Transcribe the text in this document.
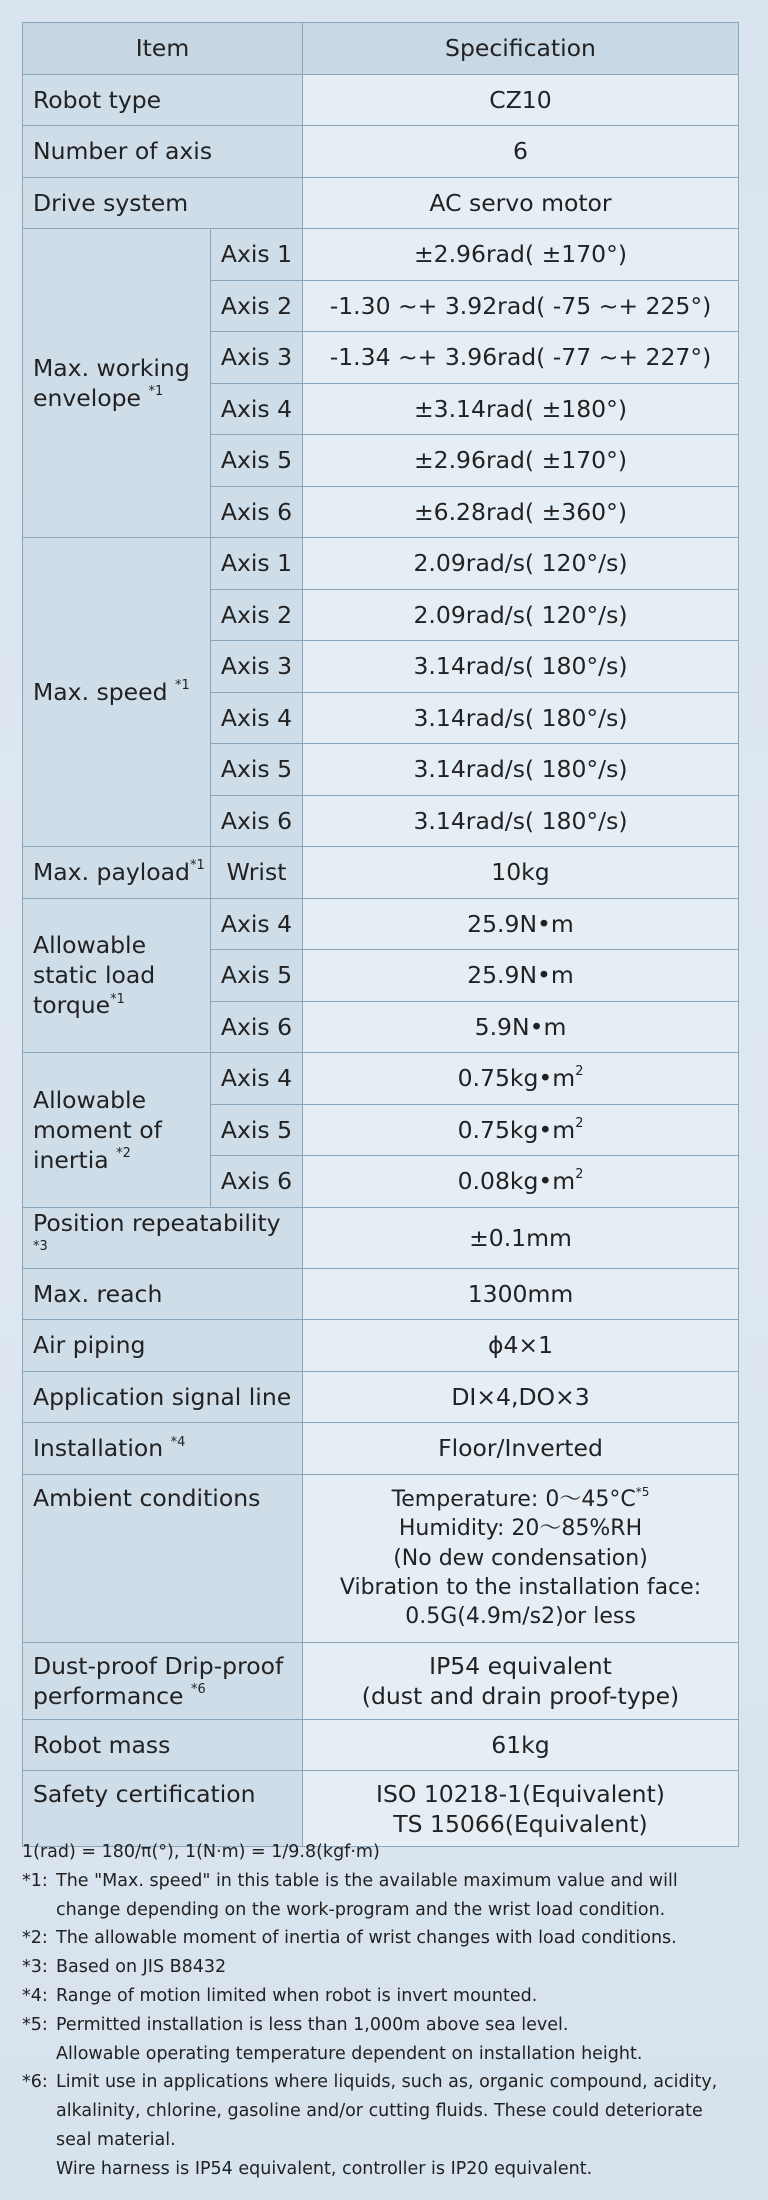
Item		Specification
Robot type		CZ10
Number of axis		6
Drive system		AC servo motor
Max. working envelope $^{*1}$	Axis 1	±2.96rad( ±170°)
	Axis 2	-1.30 ~+ 3.92rad( -75 ~+ 225°)
	Axis 3	-1.34 ~+ 3.96rad( -77 ~+ 227°)
	Axis 4	±3.14rad( ±180°)
	Axis 5	±2.96rad( ±170°)
	Axis 6	±6.28rad( ±360°)
Max. speed $^{*1}$	Axis 1	2.09rad/s( 120°/s)
	Axis 2	2.09rad/s( 120°/s)
	Axis 3	3.14rad/s( 180°/s)
	Axis 4	3.14rad/s( 180°/s)
	Axis 5	3.14rad/s( 180°/s)
	Axis 6	3.14rad/s( 180°/s)
Max. payload$^{*1}$	Wrist	10kg
Allowable static load torque$^{*1}$	Axis 4	25.9N•m
	Axis 5	25.9N•m
	Axis 6	5.9N•m
Allowable moment of inertia $^{*2}$	Axis 4	$0.75kg•m^2$
	Axis 5	$0.75kg•m^2$
	Axis 6	$0.08kg•m^2$
Position repeatability $^{*3}$		±0.1mm
Max. reach		1300mm
Air piping		ϕ4×1
Application signal line		DI×4,DO×3
Installation $^{*4}$		Floor/Inverted
Ambient conditions		Temperature: 0〜$45^\circ C^{*5}$
Humidity: 20〜85%RH
(No dew condensation)
Vibration to the installation face:
0.5G(4.9m/s2)or less

Dust-proof Drip-proof
performance $^{*6}$		IP54 equivalent
(dust and drain proof-type)

Robot mass		61kg
Safety certification		ISO 10218-1(Equivalent)
TS 15066(Equivalent)
1(rad) = 180/π(°), 1(N·m) = 1/9.8(kgf·m)
*1: The "Max. speed" in this table is the available maximum value and will
change depending on the work-program and the wrist load condition.
*2: The allowable moment of inertia of wrist changes with load conditions.
*3: Based on JIS B8432
*4: Range of motion limited when robot is invert mounted.
*5: Permitted installation is less than 1,000m above sea level.
Allowable operating temperature dependent on installation height.
*6: Limit use in applications where liquids, such as, organic compound, acidity,
alkalinity, chlorine, gasoline and/or cutting fluids. These could deteriorate
seal material.
Wire harness is IP54 equivalent, controller is IP20 equivalent.
